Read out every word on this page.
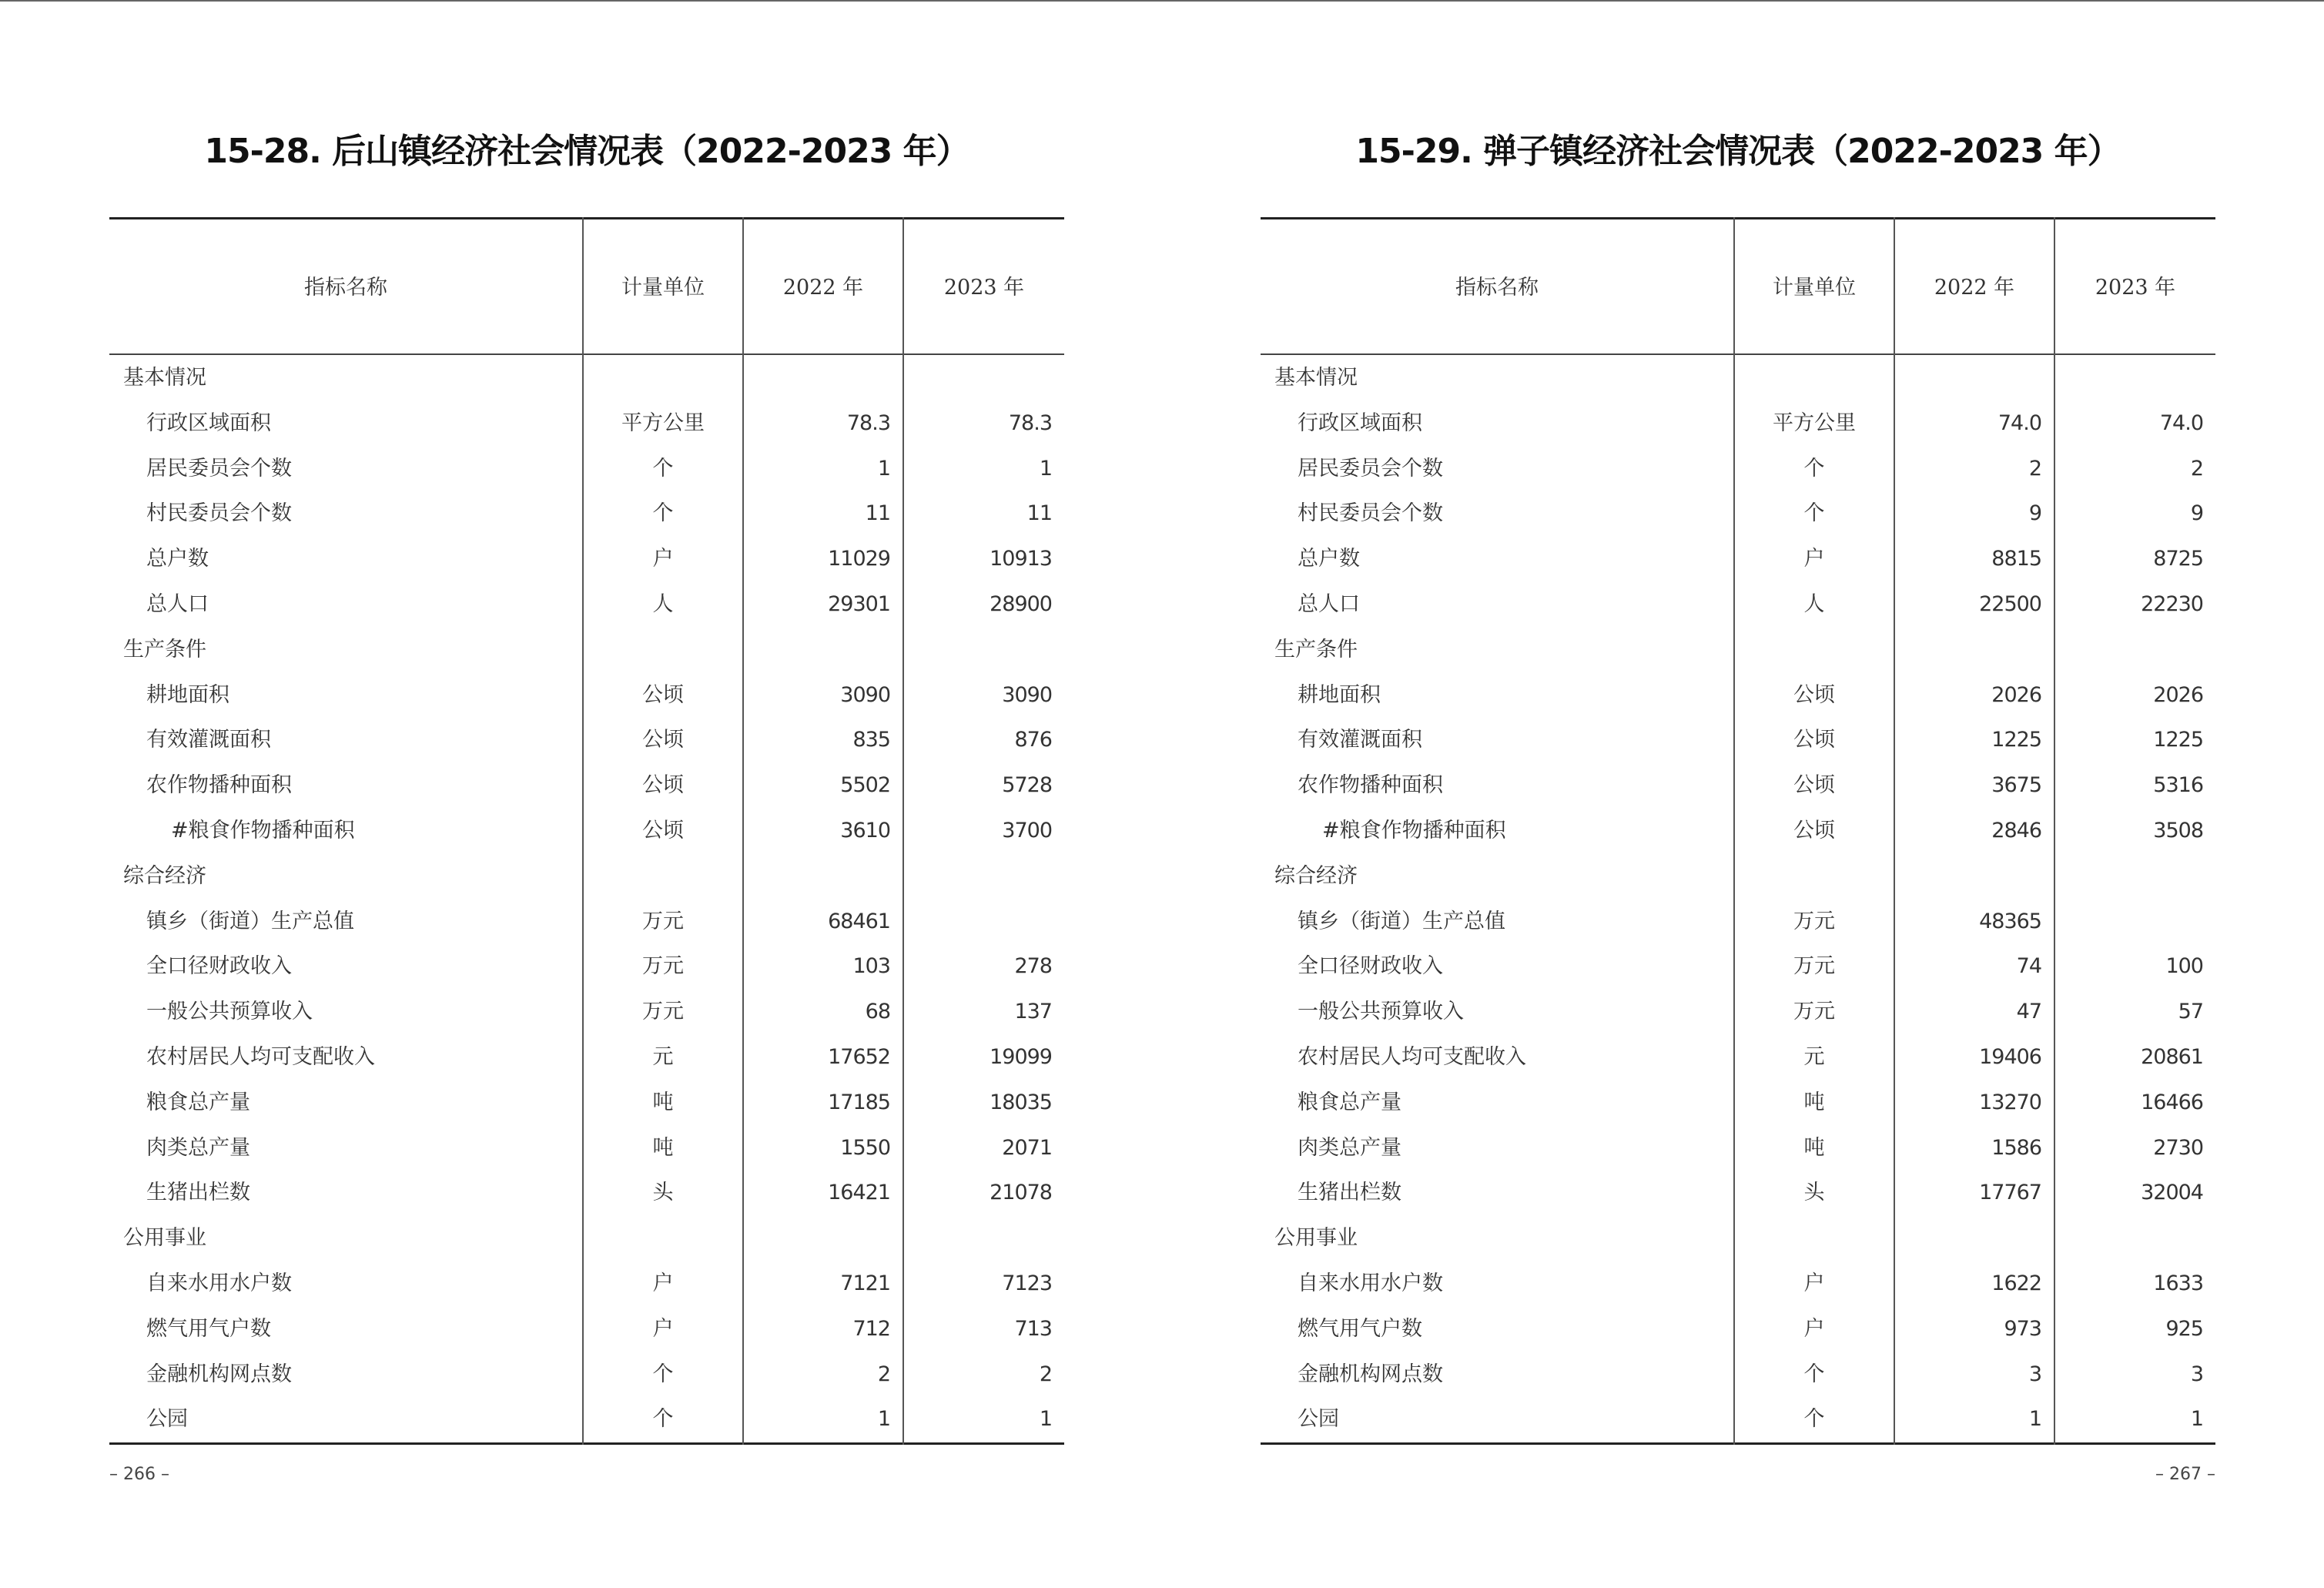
15-28. 后山镇经济社会情况表（2022-2023 年）
指标名称	计量单位	2022 年	2023 年
基本情况
行政区域面积	平方公里	78.3	78.3
居民委员会个数	个	1	1
村民委员会个数	个	11	11
总户数	户	11029	10913
总人口	人	29301	28900
生产条件
耕地面积	公顷	3090	3090
有效灌溉面积	公顷	835	876
农作物播种面积	公顷	5502	5728
#粮食作物播种面积	公顷	3610	3700
综合经济
镇乡（街道）生产总值	万元	68461
全口径财政收入	万元	103	278
一般公共预算收入	万元	68	137
农村居民人均可支配收入	元	17652	19099
粮食总产量	吨	17185	18035
肉类总产量	吨	1550	2071
生猪出栏数	头	16421	21078
公用事业
自来水用水户数	户	7121	7123
燃气用气户数	户	712	713
金融机构网点数	个	2	2
公园	个	1	1
– 266 –
15-29. 弹子镇经济社会情况表（2022-2023 年）
指标名称	计量单位	2022 年	2023 年
基本情况
行政区域面积	平方公里	74.0	74.0
居民委员会个数	个	2	2
村民委员会个数	个	9	9
总户数	户	8815	8725
总人口	人	22500	22230
生产条件
耕地面积	公顷	2026	2026
有效灌溉面积	公顷	1225	1225
农作物播种面积	公顷	3675	5316
#粮食作物播种面积	公顷	2846	3508
综合经济
镇乡（街道）生产总值	万元	48365
全口径财政收入	万元	74	100
一般公共预算收入	万元	47	57
农村居民人均可支配收入	元	19406	20861
粮食总产量	吨	13270	16466
肉类总产量	吨	1586	2730
生猪出栏数	头	17767	32004
公用事业
自来水用水户数	户	1622	1633
燃气用气户数	户	973	925
金融机构网点数	个	3	3
公园	个	1	1
– 267 –
